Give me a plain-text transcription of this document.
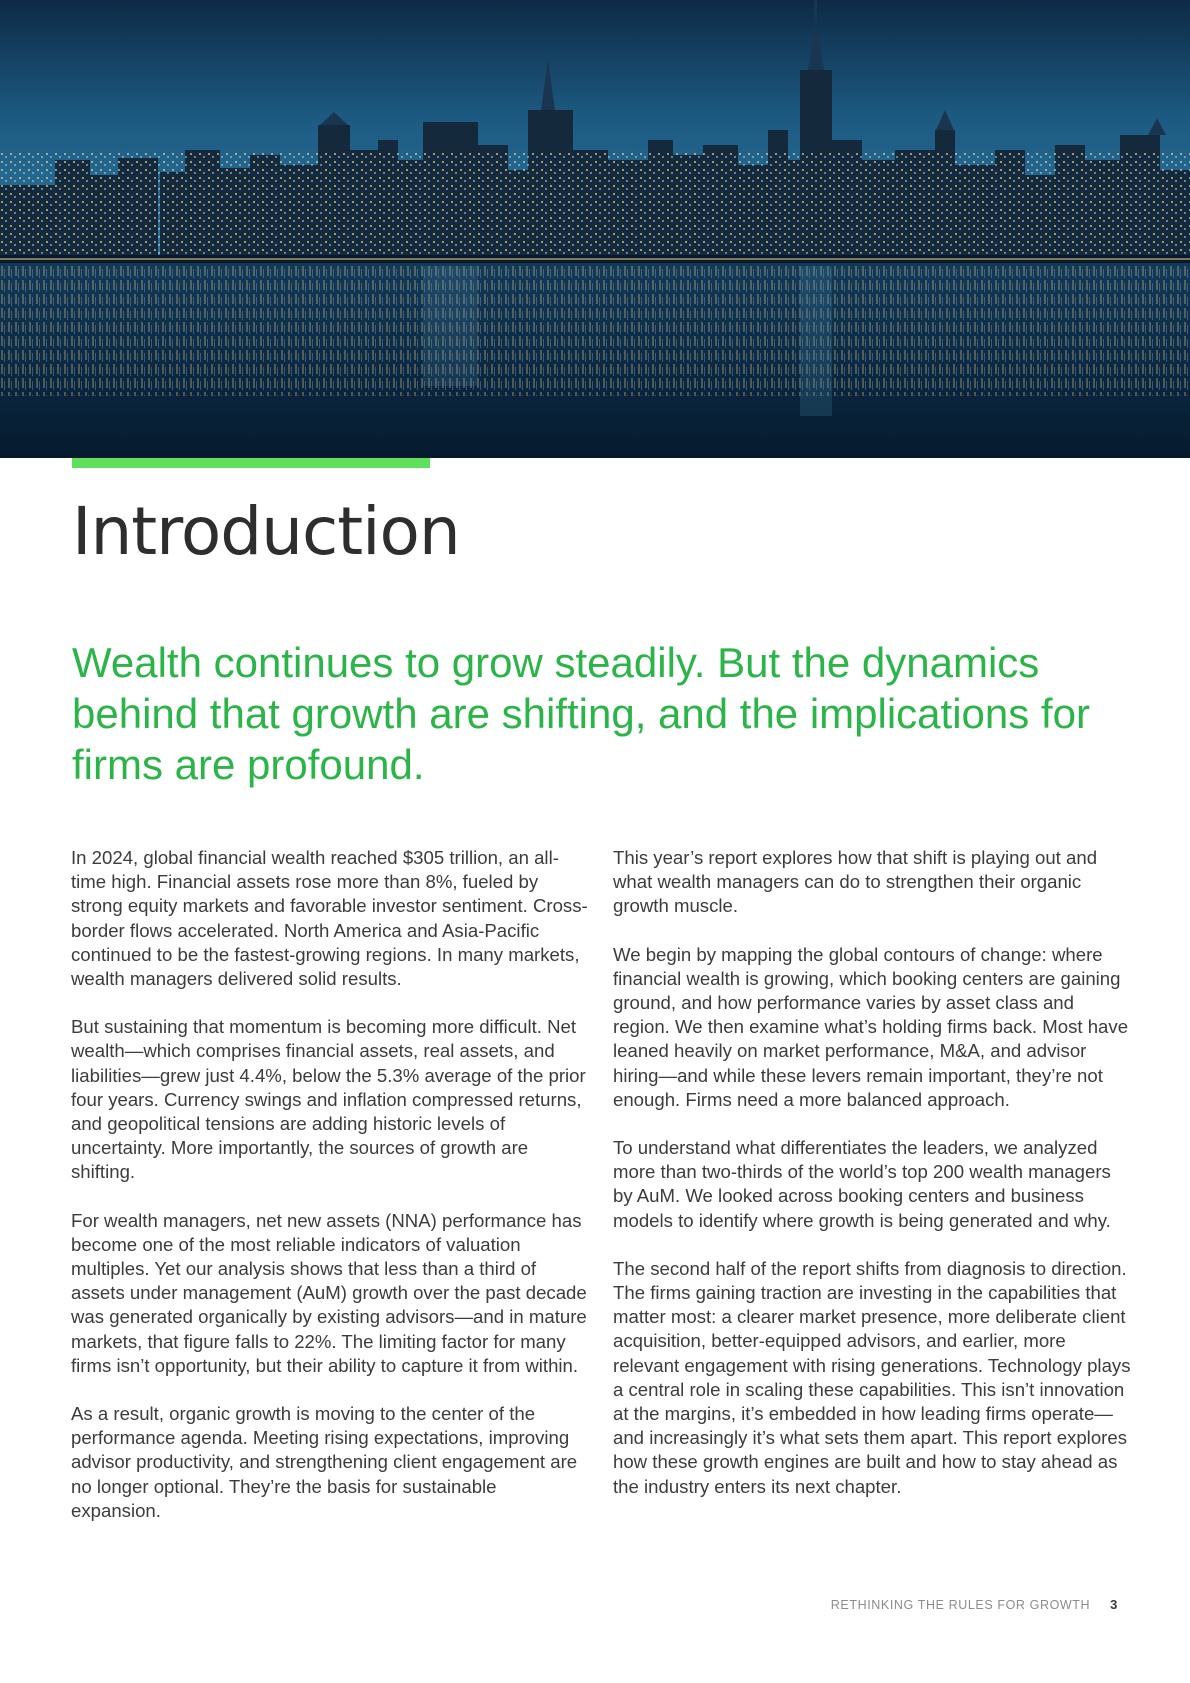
Introduction
Wealth continues to grow steadily. But the dynamics behind that growth are shifting, and the implications for firms are profound.

In 2024, global financial wealth reached $305 trillion, an all-time high. Financial assets rose more than 8%, fueled by strong equity markets and favorable investor sentiment. Cross-border flows accelerated. North America and Asia-Pacific continued to be the fastest-growing regions. In many markets, wealth managers delivered solid results.

But sustaining that momentum is becoming more difficult. Net wealth—which comprises financial assets, real assets, and liabilities—grew just 4.4%, below the 5.3% average of the prior four years. Currency swings and inflation compressed returns, and geopolitical tensions are adding historic levels of uncertainty. More importantly, the sources of growth are shifting.

For wealth managers, net new assets (NNA) performance has become one of the most reliable indicators of valuation multiples. Yet our analysis shows that less than a third of assets under management (AuM) growth over the past decade was generated organically by existing advisors—and in mature markets, that figure falls to 22%. The limiting factor for many firms isn’t opportunity, but their ability to capture it from within.

As a result, organic growth is moving to the center of the performance agenda. Meeting rising expectations, improving advisor productivity, and strengthening client engagement are no longer optional. They’re the basis for sustainable expansion.

This year’s report explores how that shift is playing out and what wealth managers can do to strengthen their organic growth muscle.

We begin by mapping the global contours of change: where financial wealth is growing, which booking centers are gaining ground, and how performance varies by asset class and region. We then examine what’s holding firms back. Most have leaned heavily on market performance, M&A, and advisor hiring—and while these levers remain important, they’re not enough. Firms need a more balanced approach.

To understand what differentiates the leaders, we analyzed more than two-thirds of the world’s top 200 wealth managers by AuM. We looked across booking centers and business models to identify where growth is being generated and why.

The second half of the report shifts from diagnosis to direction. The firms gaining traction are investing in the capabilities that matter most: a clearer market presence, more deliberate client acquisition, better-equipped advisors, and earlier, more relevant engagement with rising generations. Technology plays a central role in scaling these capabilities. This isn’t innovation at the margins, it’s embedded in how leading firms operate—and increasingly it’s what sets them apart. This report explores how these growth engines are built and how to stay ahead as the industry enters its next chapter.

RETHINKING THE RULES FOR GROWTH 3
